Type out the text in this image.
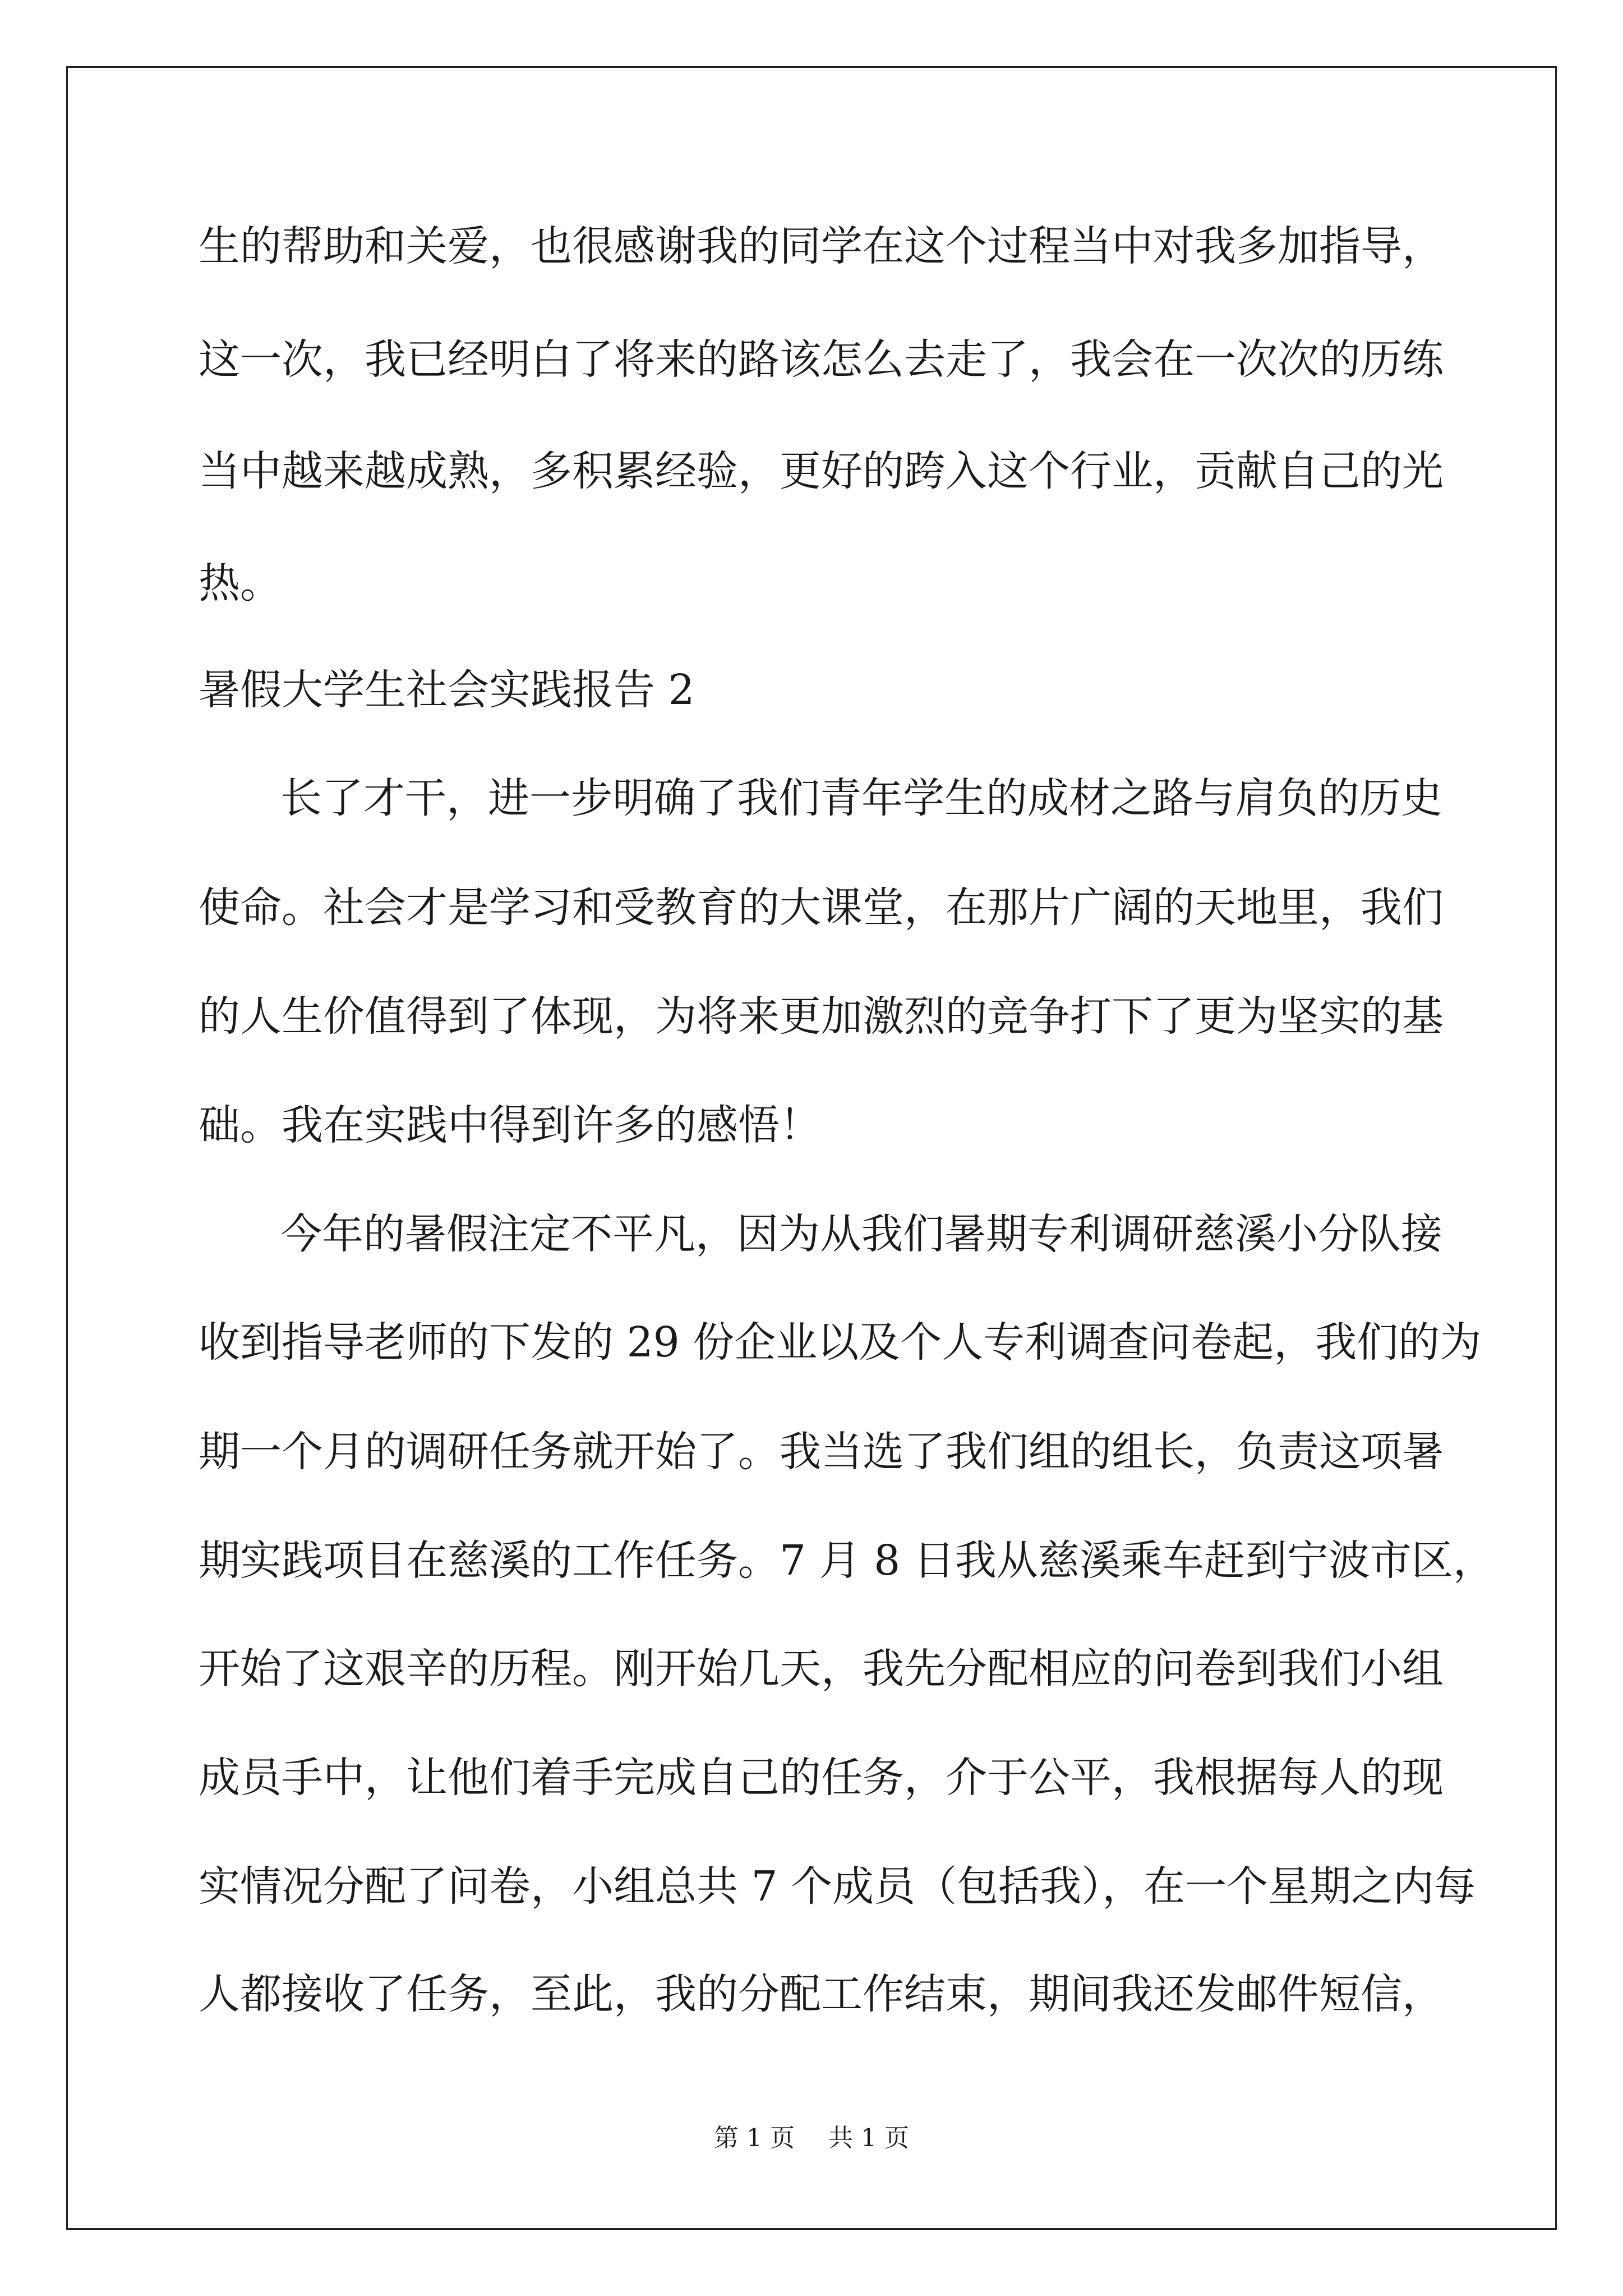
生的帮助和关爱，也很感谢我的同学在这个过程当中对我多加指导，

这一次，我已经明白了将来的路该怎么去走了，我会在一次次的历练

当中越来越成熟，多积累经验，更好的跨入这个行业，贡献自己的光

热。

暑假大学生社会实践报告 2

长了才干，进一步明确了我们青年学生的成材之路与肩负的历史

使命。社会才是学习和受教育的大课堂，在那片广阔的天地里，我们

的人生价值得到了体现，为将来更加激烈的竞争打下了更为坚实的基

础。我在实践中得到许多的感悟！

今年的暑假注定不平凡，因为从我们暑期专利调研慈溪小分队接

收到指导老师的下发的 29 份企业以及个人专利调查问卷起，我们的为

期一个月的调研任务就开始了。我当选了我们组的组长，负责这项暑

期实践项目在慈溪的工作任务。7 月 8 日我从慈溪乘车赶到宁波市区，

开始了这艰辛的历程。刚开始几天，我先分配相应的问卷到我们小组

成员手中，让他们着手完成自己的任务，介于公平，我根据每人的现

实情况分配了问卷，小组总共 7 个成员（包括我），在一个星期之内每

人都接收了任务，至此，我的分配工作结束，期间我还发邮件短信，

第 1 页 共 1 页
